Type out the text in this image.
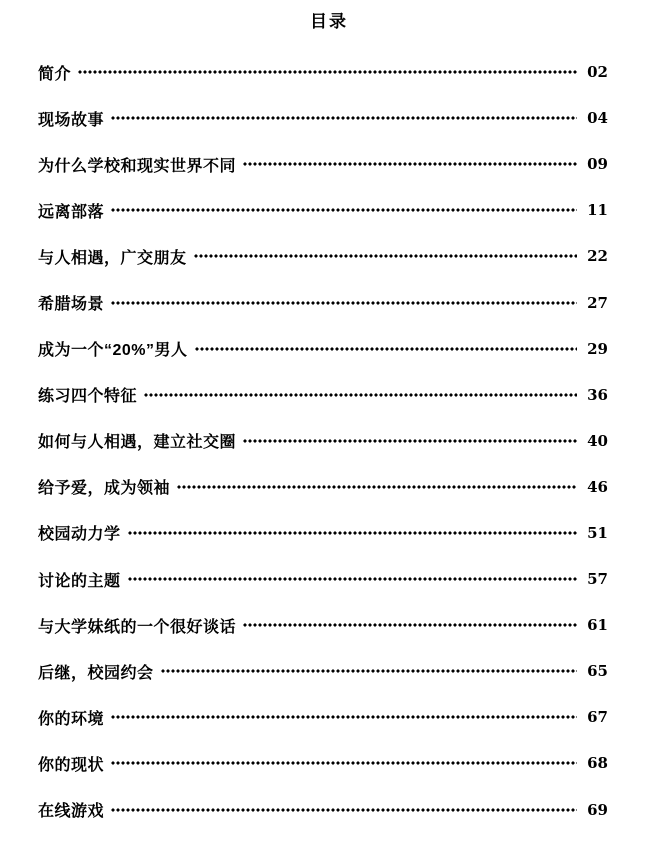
目录
简介	02
现场故事	04
为什么学校和现实世界不同	09
远离部落	11
与人相遇，广交朋友	22
希腊场景	27
成为一个“20%”男人	29
练习四个特征	36
如何与人相遇，建立社交圈	40
给予爱，成为领袖	46
校园动力学	51
讨论的主题	57
与大学妹纸的一个很好谈话	61
后继，校园约会	65
你的环境	67
你的现状	68
在线游戏	69
